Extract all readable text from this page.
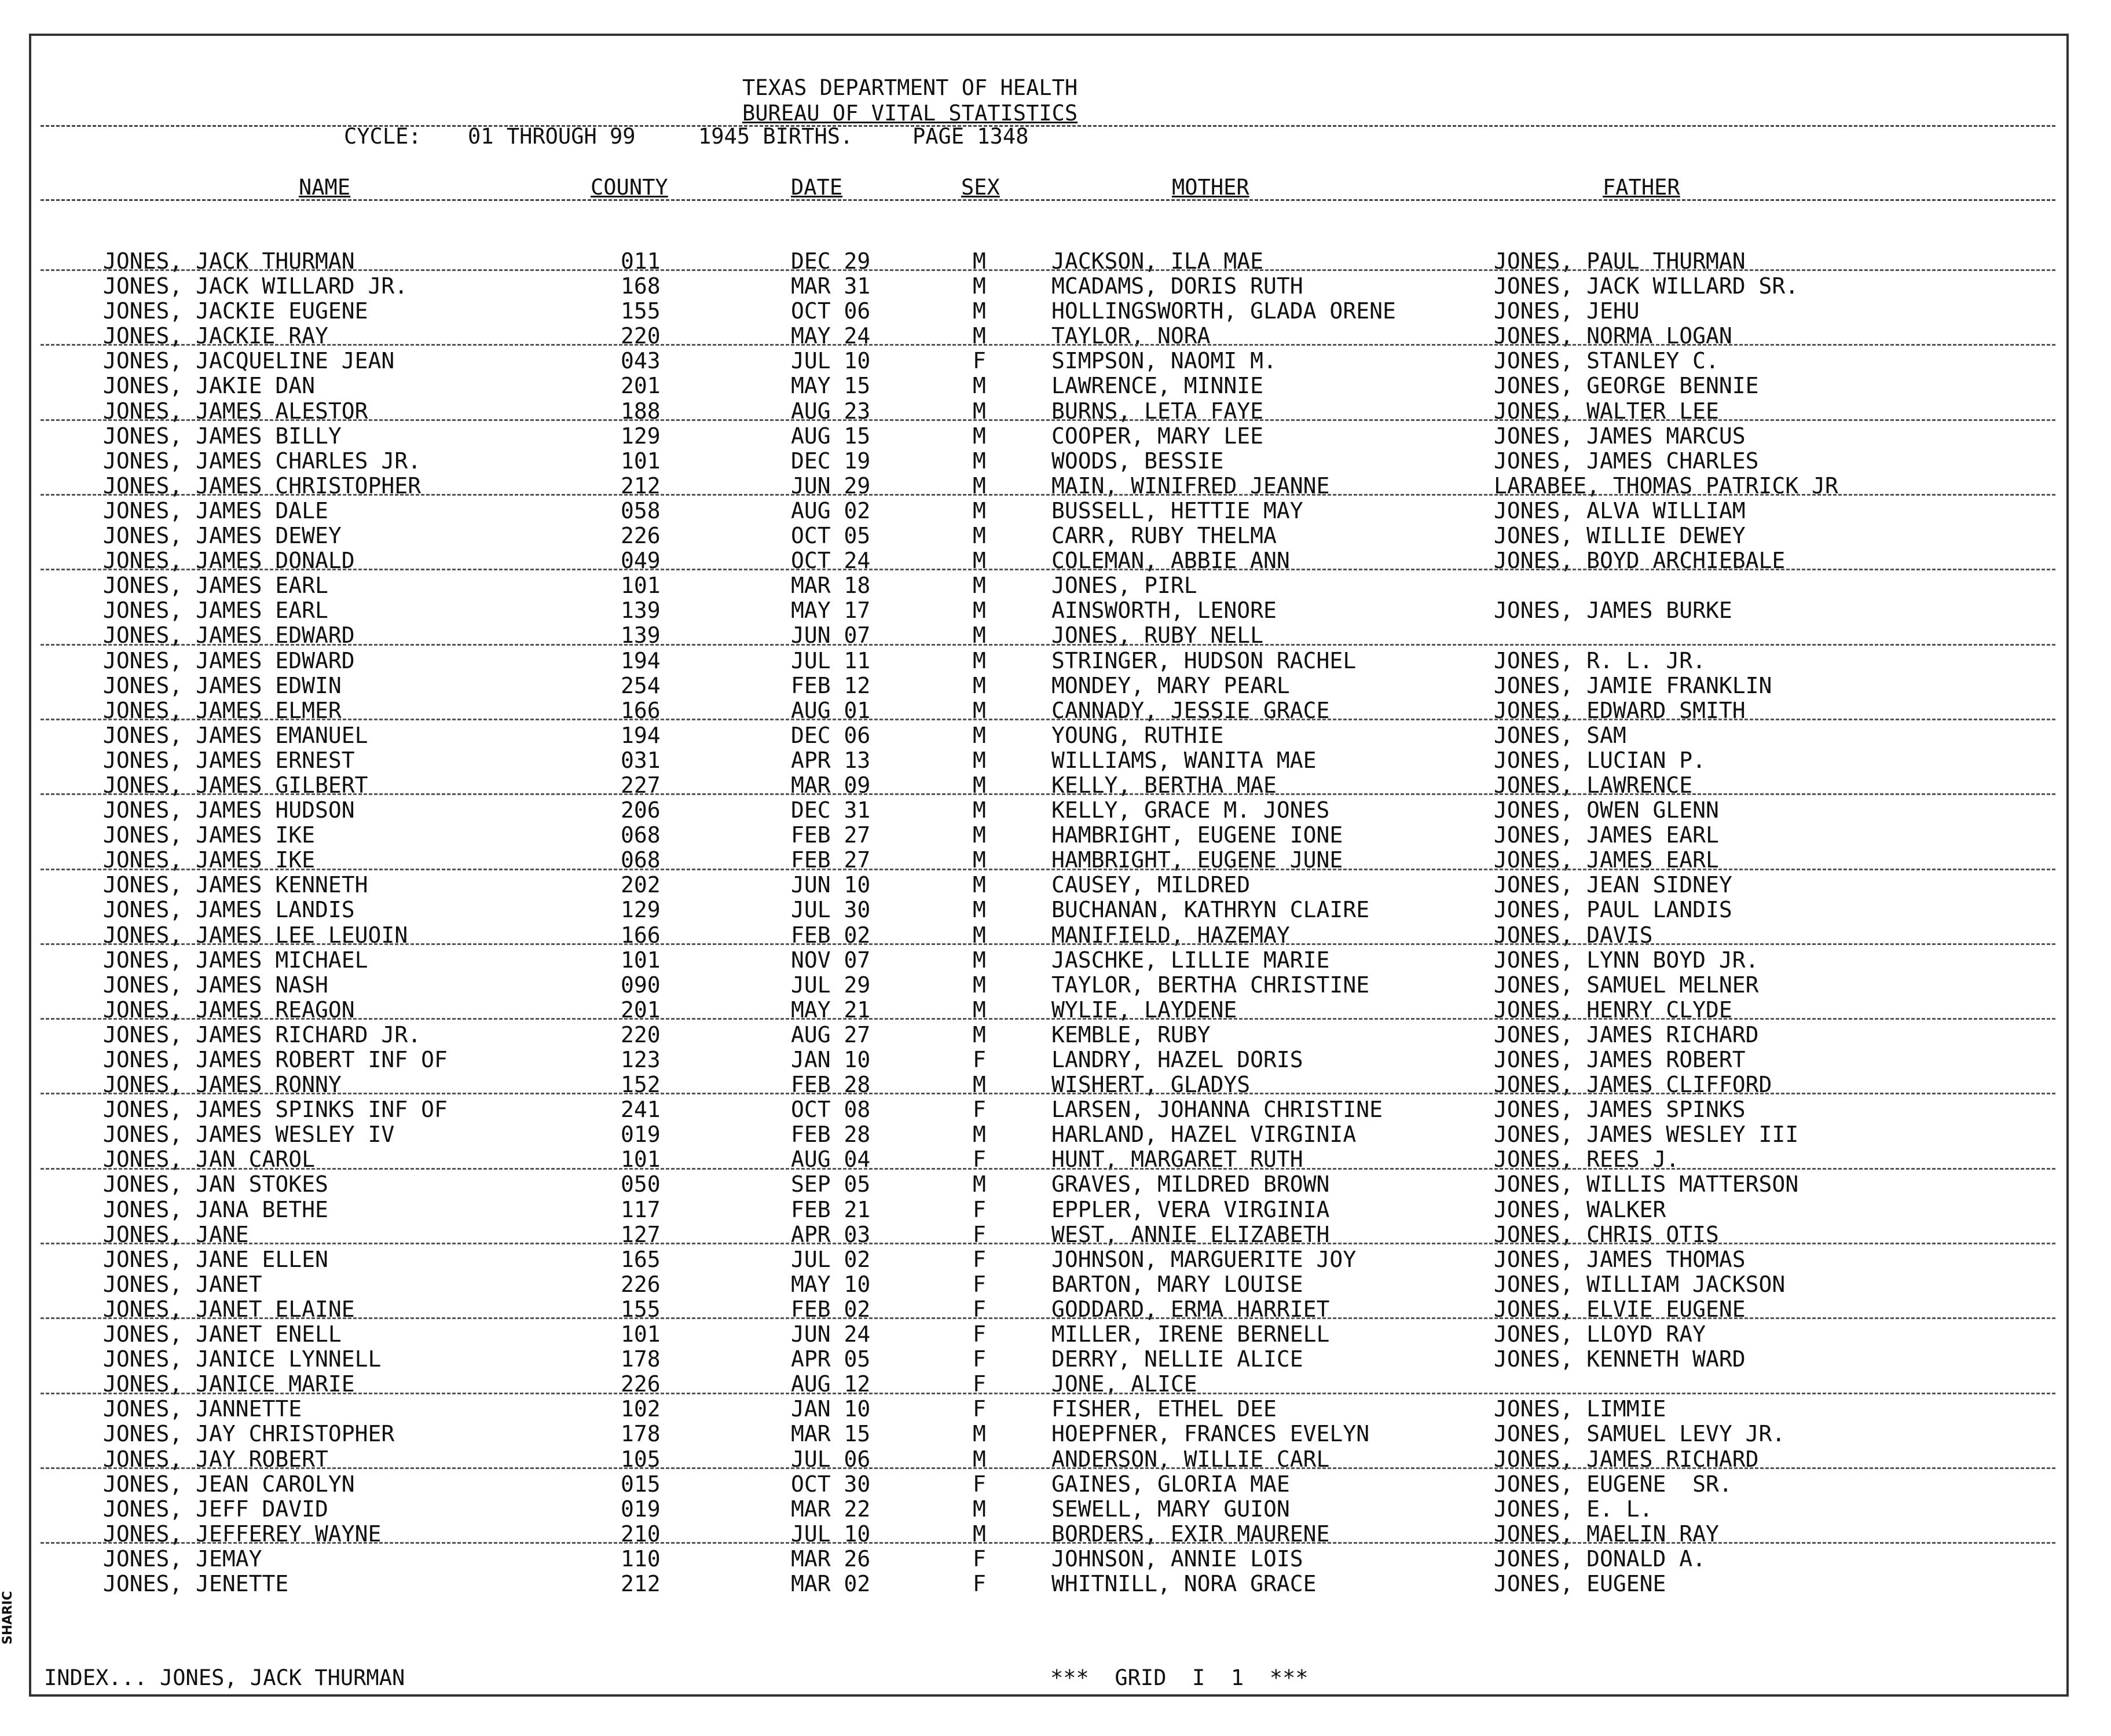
TEXAS DEPARTMENT OF HEALTH
BUREAU OF VITAL STATISTICS
CYCLE: 01 THROUGH 99	1945 BIRTHS.	PAGE 1348
NAME	COUNTY	DATE	SEX	MOTHER	FATHER
JONES, JACK THURMAN	011	DEC 29	M	JACKSON, ILA MAE	JONES, PAUL THURMAN
JONES, JACK WILLARD JR.	168	MAR 31	M	MCADAMS, DORIS RUTH	JONES, JACK WILLARD SR.
JONES, JACKIE EUGENE	155	OCT 06	M	HOLLINGSWORTH, GLADA ORENE	JONES, JEHU
JONES, JACKIE RAY	220	MAY 24	M	TAYLOR, NORA	JONES, NORMA LOGAN
JONES, JACQUELINE JEAN	043	JUL 10	F	SIMPSON, NAOMI M.	JONES, STANLEY C.
JONES, JAKIE DAN	201	MAY 15	M	LAWRENCE, MINNIE	JONES, GEORGE BENNIE
JONES, JAMES ALESTOR	188	AUG 23	M	BURNS, LETA FAYE	JONES, WALTER LEE
JONES, JAMES BILLY	129	AUG 15	M	COOPER, MARY LEE	JONES, JAMES MARCUS
JONES, JAMES CHARLES JR.	101	DEC 19	M	WOODS, BESSIE	JONES, JAMES CHARLES
JONES, JAMES CHRISTOPHER	212	JUN 29	M	MAIN, WINIFRED JEANNE	LARABEE, THOMAS PATRICK JR
JONES, JAMES DALE	058	AUG 02	M	BUSSELL, HETTIE MAY	JONES, ALVA WILLIAM
JONES, JAMES DEWEY	226	OCT 05	M	CARR, RUBY THELMA	JONES, WILLIE DEWEY
JONES, JAMES DONALD	049	OCT 24	M	COLEMAN, ABBIE ANN	JONES, BOYD ARCHIEBALE
JONES, JAMES EARL	101	MAR 18	M	JONES, PIRL
JONES, JAMES EARL	139	MAY 17	M	AINSWORTH, LENORE	JONES, JAMES BURKE
JONES, JAMES EDWARD	139	JUN 07	M	JONES, RUBY NELL
JONES, JAMES EDWARD	194	JUL 11	M	STRINGER, HUDSON RACHEL	JONES, R. L. JR.
JONES, JAMES EDWIN	254	FEB 12	M	MONDEY, MARY PEARL	JONES, JAMIE FRANKLIN
JONES, JAMES ELMER	166	AUG 01	M	CANNADY, JESSIE GRACE	JONES, EDWARD SMITH
JONES, JAMES EMANUEL	194	DEC 06	M	YOUNG, RUTHIE	JONES, SAM
JONES, JAMES ERNEST	031	APR 13	M	WILLIAMS, WANITA MAE	JONES, LUCIAN P.
JONES, JAMES GILBERT	227	MAR 09	M	KELLY, BERTHA MAE	JONES, LAWRENCE
JONES, JAMES HUDSON	206	DEC 31	M	KELLY, GRACE M. JONES	JONES, OWEN GLENN
JONES, JAMES IKE	068	FEB 27	M	HAMBRIGHT, EUGENE IONE	JONES, JAMES EARL
JONES, JAMES IKE	068	FEB 27	M	HAMBRIGHT, EUGENE JUNE	JONES, JAMES EARL
JONES, JAMES KENNETH	202	JUN 10	M	CAUSEY, MILDRED	JONES, JEAN SIDNEY
JONES, JAMES LANDIS	129	JUL 30	M	BUCHANAN, KATHRYN CLAIRE	JONES, PAUL LANDIS
JONES, JAMES LEE LEUOIN	166	FEB 02	M	MANIFIELD, HAZEMAY	JONES, DAVIS
JONES, JAMES MICHAEL	101	NOV 07	M	JASCHKE, LILLIE MARIE	JONES, LYNN BOYD JR.
JONES, JAMES NASH	090	JUL 29	M	TAYLOR, BERTHA CHRISTINE	JONES, SAMUEL MELNER
JONES, JAMES REAGON	201	MAY 21	M	WYLIE, LAYDENE	JONES, HENRY CLYDE
JONES, JAMES RICHARD JR.	220	AUG 27	M	KEMBLE, RUBY	JONES, JAMES RICHARD
JONES, JAMES ROBERT INF OF	123	JAN 10	F	LANDRY, HAZEL DORIS	JONES, JAMES ROBERT
JONES, JAMES RONNY	152	FEB 28	M	WISHERT, GLADYS	JONES, JAMES CLIFFORD
JONES, JAMES SPINKS INF OF	241	OCT 08	F	LARSEN, JOHANNA CHRISTINE	JONES, JAMES SPINKS
JONES, JAMES WESLEY IV	019	FEB 28	M	HARLAND, HAZEL VIRGINIA	JONES, JAMES WESLEY III
JONES, JAN CAROL	101	AUG 04	F	HUNT, MARGARET RUTH	JONES, REES J.
JONES, JAN STOKES	050	SEP 05	M	GRAVES, MILDRED BROWN	JONES, WILLIS MATTERSON
JONES, JANA BETHE	117	FEB 21	F	EPPLER, VERA VIRGINIA	JONES, WALKER
JONES, JANE	127	APR 03	F	WEST, ANNIE ELIZABETH	JONES, CHRIS OTIS
JONES, JANE ELLEN	165	JUL 02	F	JOHNSON, MARGUERITE JOY	JONES, JAMES THOMAS
JONES, JANET	226	MAY 10	F	BARTON, MARY LOUISE	JONES, WILLIAM JACKSON
JONES, JANET ELAINE	155	FEB 02	F	GODDARD, ERMA HARRIET	JONES, ELVIE EUGENE
JONES, JANET ENELL	101	JUN 24	F	MILLER, IRENE BERNELL	JONES, LLOYD RAY
JONES, JANICE LYNNELL	178	APR 05	F	DERRY, NELLIE ALICE	JONES, KENNETH WARD
JONES, JANICE MARIE	226	AUG 12	F	JONE, ALICE
JONES, JANNETTE	102	JAN 10	F	FISHER, ETHEL DEE	JONES, LIMMIE
JONES, JAY CHRISTOPHER	178	MAR 15	M	HOEPFNER, FRANCES EVELYN	JONES, SAMUEL LEVY JR.
JONES, JAY ROBERT	105	JUL 06	M	ANDERSON, WILLIE CARL	JONES, JAMES RICHARD
JONES, JEAN CAROLYN	015	OCT 30	F	GAINES, GLORIA MAE	JONES, EUGENE  SR.
JONES, JEFF DAVID	019	MAR 22	M	SEWELL, MARY GUION	JONES, E. L.
JONES, JEFFEREY WAYNE	210	JUL 10	M	BORDERS, EXIR MAURENE	JONES, MAELIN RAY
JONES, JEMAY	110	MAR 26	F	JOHNSON, ANNIE LOIS	JONES, DONALD A.
JONES, JENETTE	212	MAR 02	F	WHITNILL, NORA GRACE	JONES, EUGENE
INDEX... JONES, JACK THURMAN	***  GRID  I  1  ***
SHARIC
